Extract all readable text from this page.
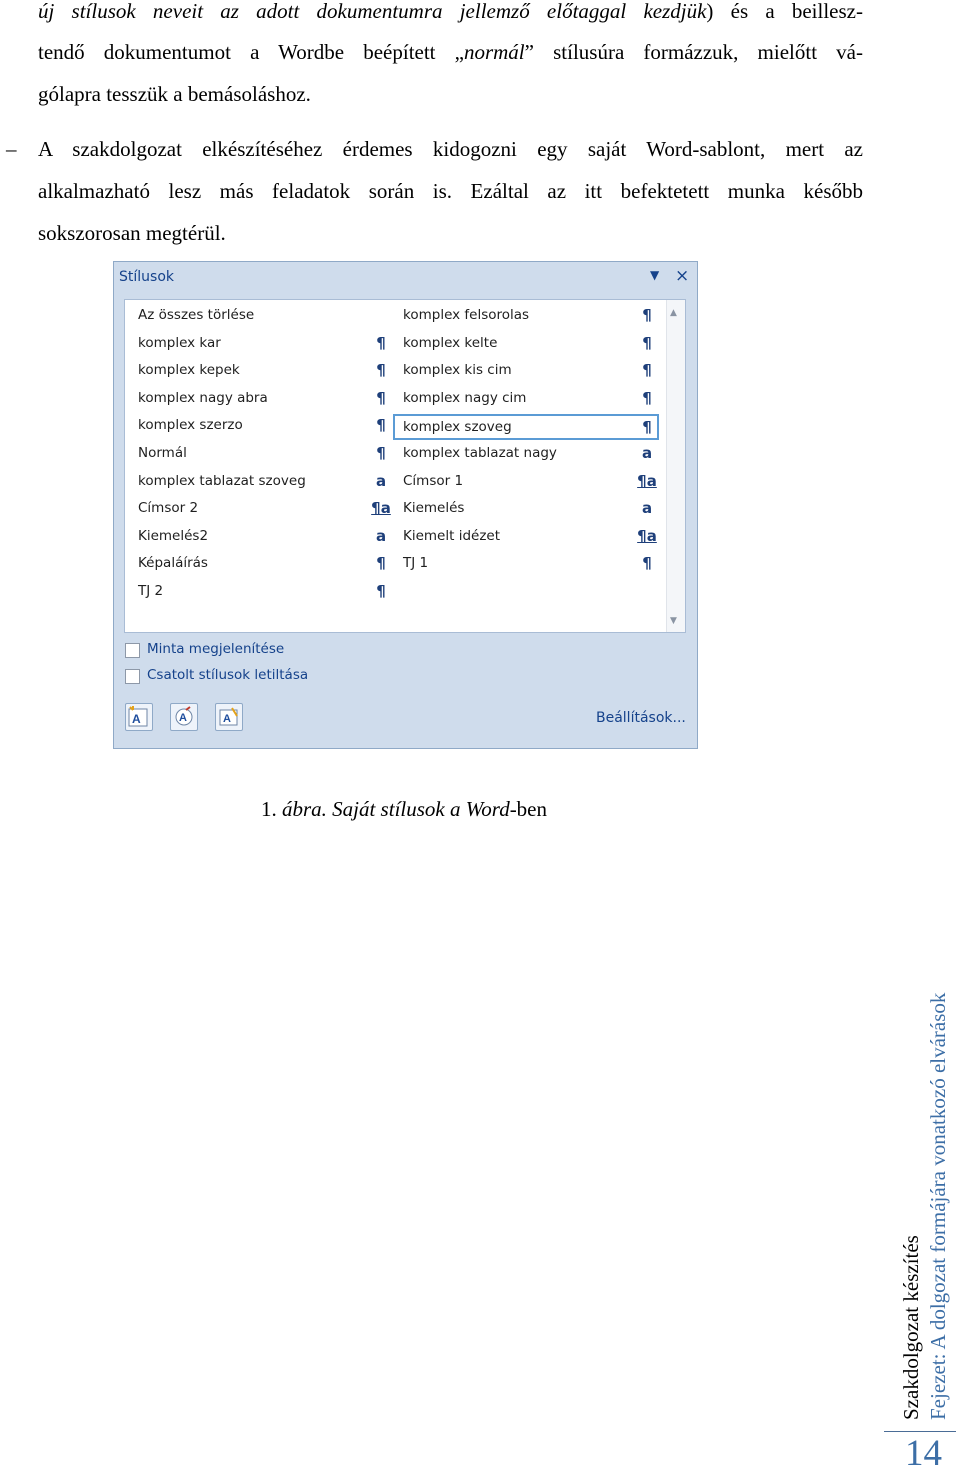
új stílusok neveit az adott dokumentumra jellemző előtaggal kezdjük) és a beillesz-
tendő dokumentumot a Wordbe beépített „normál” stílusúra formázzuk, mielőtt vá-
gólapra tesszük a bemásoláshoz.
– A szakdolgozat elkészítéséhez érdemes kidogozni egy saját Word-sablont, mert az
alkalmazható lesz más feladatok során is. Ezáltal az itt befektetett munka később
sokszorosan megtérül.
Stílusok	▼ ×
Az összes törlése
komplex kar	¶
komplex kepek	¶
komplex nagy abra	¶
komplex szerzo	¶
Normál	¶
komplex tablazat szoveg	a
Címsor 2	¶a
Kiemelés2	a
Képaláírás	¶
TJ 2	¶
komplex felsorolas	¶
komplex kelte	¶
komplex kis cim	¶
komplex nagy cim	¶
komplex szoveg	¶
komplex tablazat nagy	a
Címsor 1	¶a
Kiemelés	a
Kiemelt idézet	¶a
TJ 1	¶
▲
▼
Minta megjelenítése
Csatolt stílusok letiltása
A	A	A	Beállítások...
1. ábra. Saját stílusok a Word-ben
Szakdolgozat készítés Fejezet: A dolgozat formájára vonatkozó elvárások
14
